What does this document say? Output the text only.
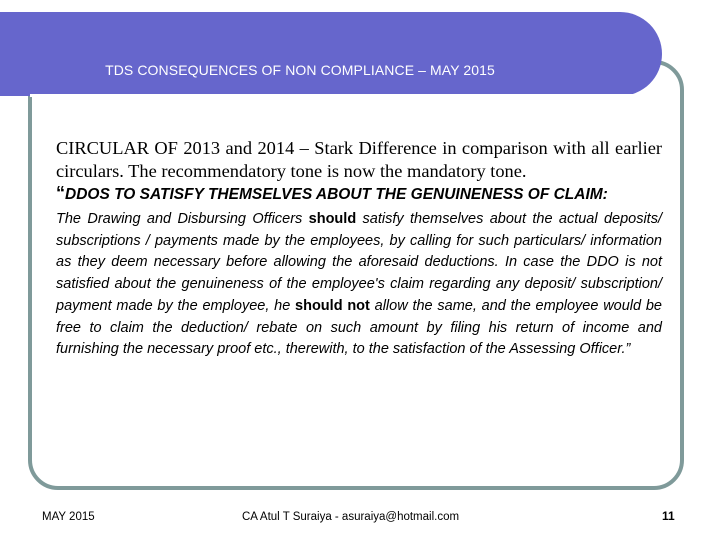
TDS CONSEQUENCES OF NON COMPLIANCE – MAY 2015

CIRCULAR OF 2013 and 2014 – Stark Difference in comparison with all earlier circulars. The recommendatory tone is now the mandatory tone.

“DDOS TO SATISFY THEMSELVES ABOUT THE GENUINENESS OF CLAIM:

The Drawing and Disbursing Officers should satisfy themselves about the actual deposits/ subscriptions / payments made by the employees, by calling for such particulars/ information as they deem necessary before allowing the aforesaid deductions. In case the DDO is not satisfied about the genuineness of the employee's claim regarding any deposit/ subscription/ payment made by the employee, he should not allow the same, and the employee would be free to claim the deduction/ rebate on such amount by filing his return of income and furnishing the necessary proof etc., therewith, to the satisfaction of the Assessing Officer.”

MAY 2015	CA Atul T Suraiya - asuraiya@hotmail.com	11
